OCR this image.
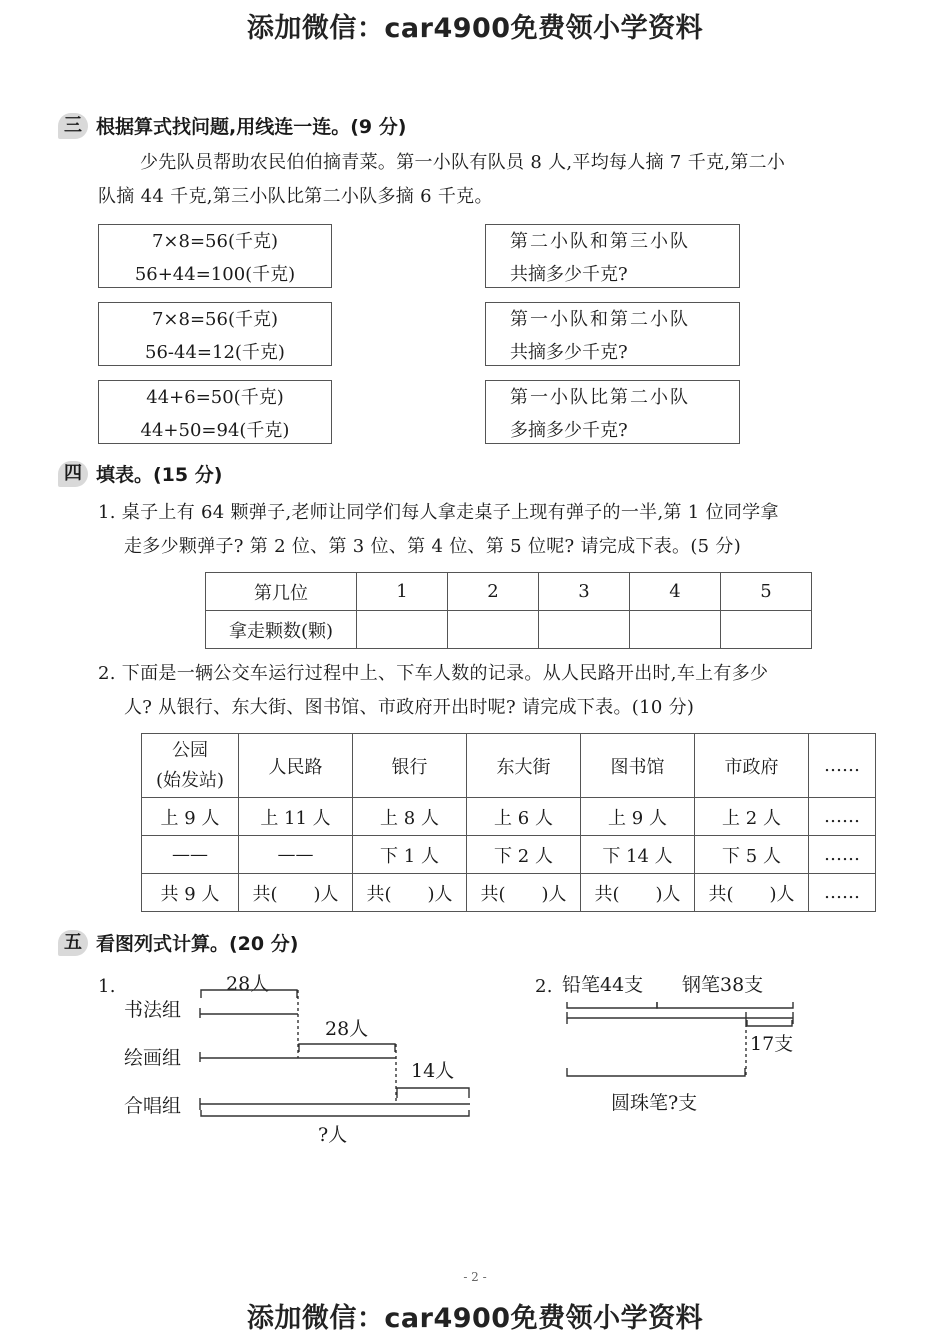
添加微信：car4900免费领小学资料
三 根据算式找问题,用线连一连。(9 分)
少先队员帮助农民伯伯摘青菜。第一小队有队员 8 人,平均每人摘 7 千克,第二小
队摘 44 千克,第三小队比第二小队多摘 6 千克。
7×8=56(千克)
56+44=100(千克)
7×8=56(千克)
56-44=12(千克)
44+6=50(千克)
44+50=94(千克)
第二小队和第三小队
共摘多少千克?
第一小队和第二小队
共摘多少千克?
第一小队比第二小队
多摘多少千克?
四 填表。(15 分)
1. 桌子上有 64 颗弹子,老师让同学们每人拿走桌子上现有弹子的一半,第 1 位同学拿
走多少颗弹子? 第 2 位、第 3 位、第 4 位、第 5 位呢? 请完成下表。(5 分)
第几位	1	2	3	4	5
拿走颗数(颗)					
2. 下面是一辆公交车运行过程中上、下车人数的记录。从人民路开出时,车上有多少
人? 从银行、东大街、图书馆、市政府开出时呢? 请完成下表。(10 分)
公园
(始发站)	人民路	银行	东大街	图书馆	市政府	……
上 9 人	上 11 人	上 8 人	上 6 人	上 9 人	上 2 人	……
——	——	下 1 人	下 2 人	下 14 人	下 5 人	……
共 9 人	共(　　)人	共(　　)人	共(　　)人	共(　　)人	共(　　)人	……
五 看图列式计算。(20 分)
1.
书法组
绘画组
合唱组
28人
28人
14人
?人
2. 铅笔44支 钢笔38支
17支
圆珠笔?支
- 2 -
添加微信：car4900免费领小学资料
